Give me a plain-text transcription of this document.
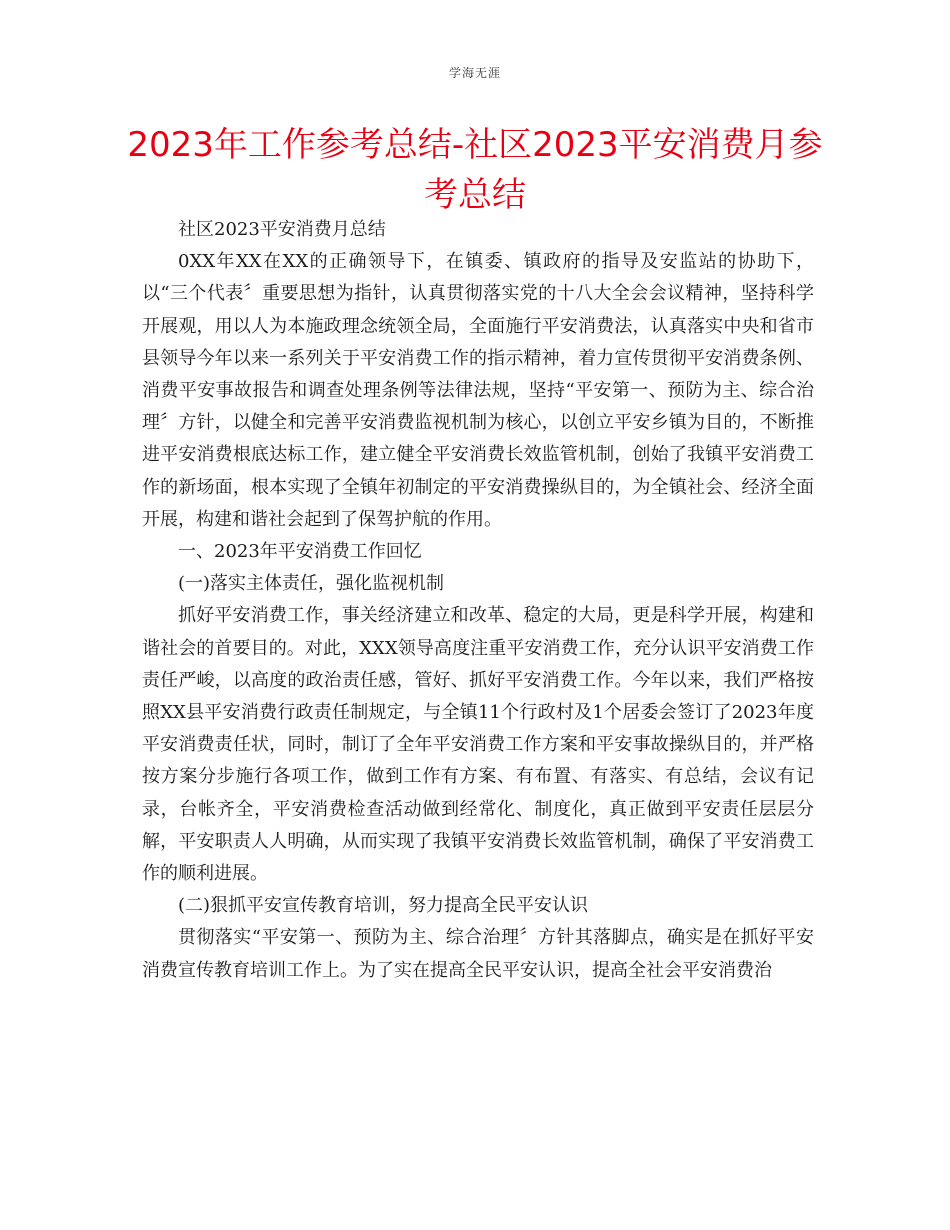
学海无涯
2023年工作参考总结-社区2023平安消费月参考总结

社区2023平安消费月总结

0XX年XX在XX的正确领导下，在镇委、镇政府的指导及安监站的协助下，以“三个代表〞重要思想为指针，认真贯彻落实党的十八大全会会议精神，坚持科学开展观，用以人为本施政理念统领全局，全面施行平安消费法，认真落实中央和省市县领导今年以来一系列关于平安消费工作的指示精神，着力宣传贯彻平安消费条例、消费平安事故报告和调查处理条例等法律法规，坚持“平安第一、预防为主、综合治理〞方针，以健全和完善平安消费监视机制为核心，以创立平安乡镇为目的，不断推进平安消费根底达标工作，建立健全平安消费长效监管机制，创始了我镇平安消费工作的新场面，根本实现了全镇年初制定的平安消费操纵目的，为全镇社会、经济全面开展，构建和谐社会起到了保驾护航的作用。

一、2023年平安消费工作回忆

(一)落实主体责任，强化监视机制

抓好平安消费工作，事关经济建立和改革、稳定的大局，更是科学开展，构建和谐社会的首要目的。对此，XXX领导高度注重平安消费工作，充分认识平安消费工作责任严峻，以高度的政治责任感，管好、抓好平安消费工作。今年以来，我们严格按照XX县平安消费行政责任制规定，与全镇11个行政村及1个居委会签订了2023年度平安消费责任状，同时，制订了全年平安消费工作方案和平安事故操纵目的，并严格按方案分步施行各项工作，做到工作有方案、有布置、有落实、有总结，会议有记录，台帐齐全，平安消费检查活动做到经常化、制度化，真正做到平安责任层层分解，平安职责人人明确，从而实现了我镇平安消费长效监管机制，确保了平安消费工作的顺利进展。

(二)狠抓平安宣传教育培训，努力提高全民平安认识

贯彻落实“平安第一、预防为主、综合治理〞方针其落脚点，确实是在抓好平安消费宣传教育培训工作上。为了实在提高全民平安认识，提高全社会平安消费治
